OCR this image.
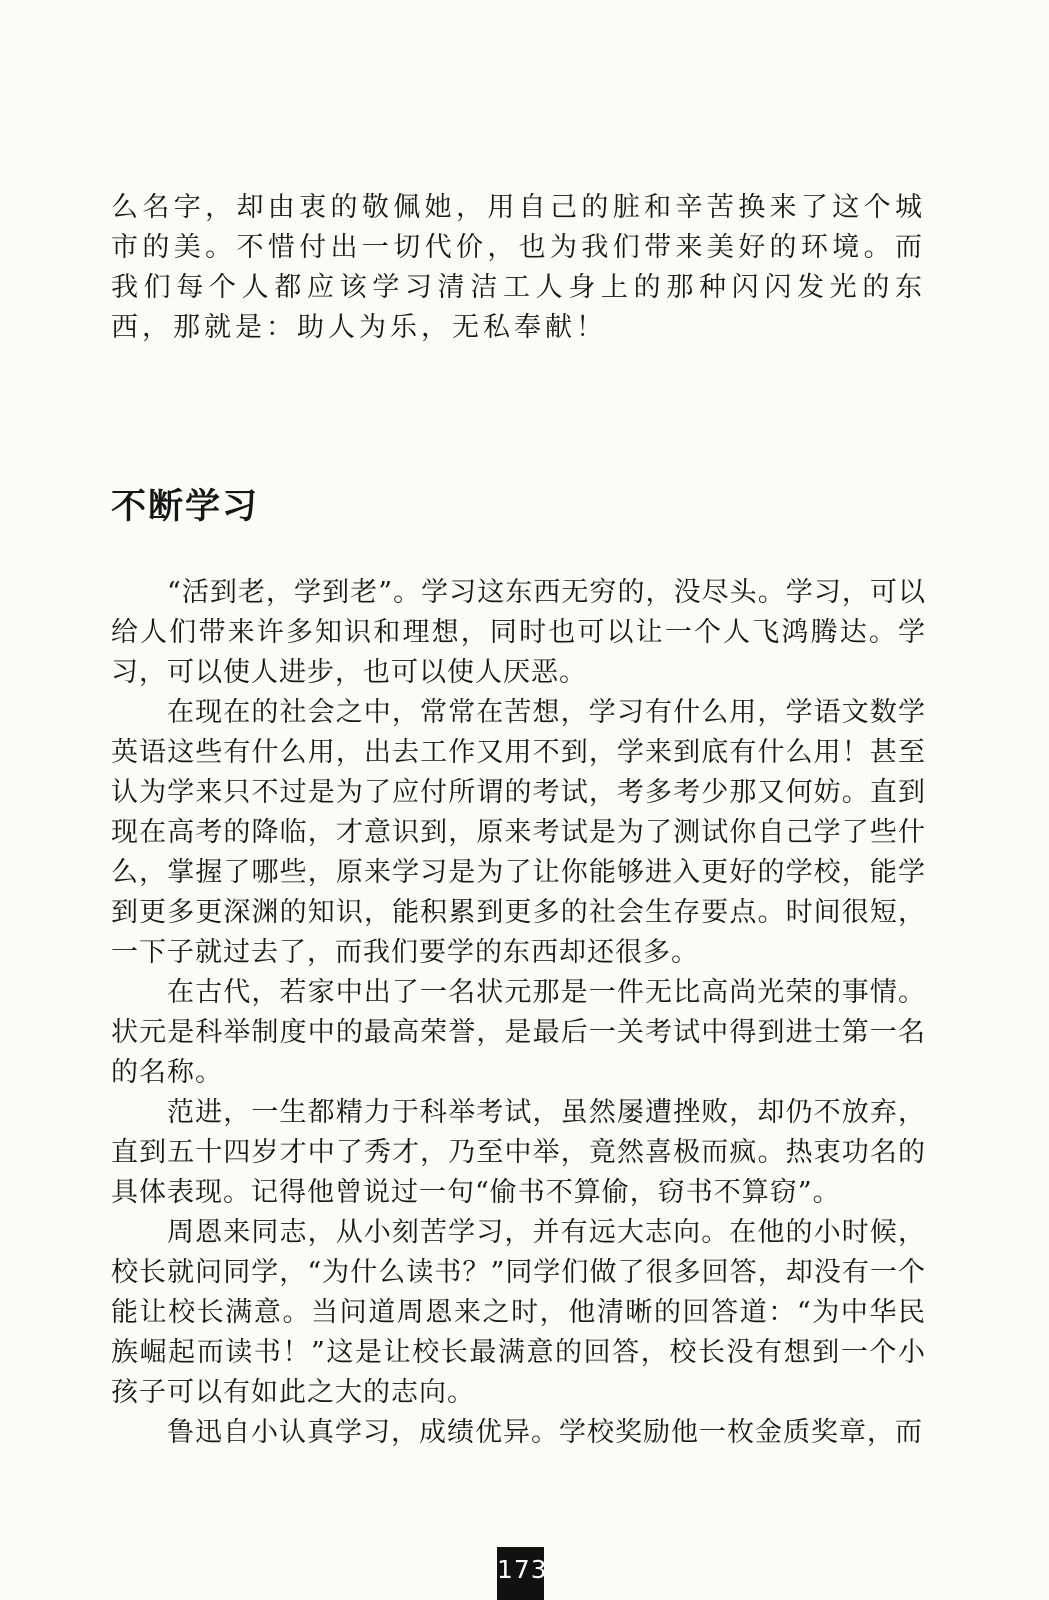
么名字，却由衷的敬佩她，用自己的脏和辛苦换来了这个城市的美。不惜付出一切代价，也为我们带来美好的环境。而我们每个人都应该学习清洁工人身上的那种闪闪发光的东西，那就是：助人为乐，无私奉献！

不断学习

“活到老，学到老”。学习这东西无穷的，没尽头。学习，可以给人们带来许多知识和理想，同时也可以让一个人飞鸿腾达。学习，可以使人进步，也可以使人厌恶。

在现在的社会之中，常常在苦想，学习有什么用，学语文数学英语这些有什么用，出去工作又用不到，学来到底有什么用！甚至认为学来只不过是为了应付所谓的考试，考多考少那又何妨。直到现在高考的降临，才意识到，原来考试是为了测试你自己学了些什么，掌握了哪些，原来学习是为了让你能够进入更好的学校，能学到更多更深渊的知识，能积累到更多的社会生存要点。时间很短，一下子就过去了，而我们要学的东西却还很多。

在古代，若家中出了一名状元那是一件无比高尚光荣的事情。状元是科举制度中的最高荣誉，是最后一关考试中得到进士第一名的名称。

范进，一生都精力于科举考试，虽然屡遭挫败，却仍不放弃，直到五十四岁才中了秀才，乃至中举，竟然喜极而疯。热衷功名的具体表现。记得他曾说过一句“偷书不算偷，窃书不算窃”。

周恩来同志，从小刻苦学习，并有远大志向。在他的小时候，校长就问同学，“为什么读书？”同学们做了很多回答，却没有一个能让校长满意。当问道周恩来之时，他清晰的回答道：“为中华民族崛起而读书！”这是让校长最满意的回答，校长没有想到一个小孩子可以有如此之大的志向。

鲁迅自小认真学习，成绩优异。学校奖励他一枚金质奖章，而

173
